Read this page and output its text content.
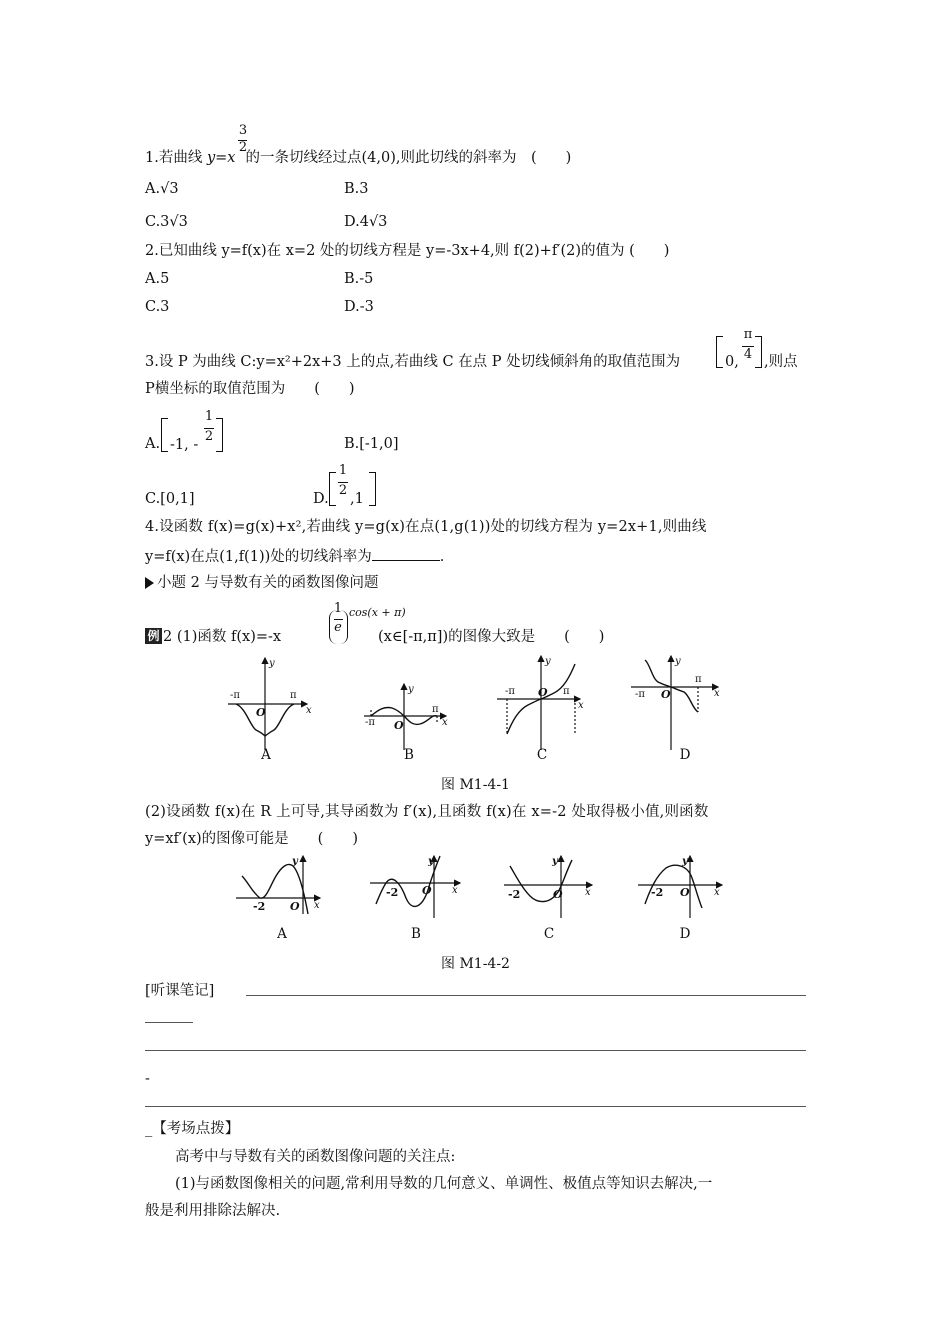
1.若曲线 y=x 的一条切线经过点(4,0),则此切线的斜率为　(　　)
3
2
A.√3	B.3
C.3√3	D.4√3
2.已知曲线 y=f(x)在 x=2 处的切线方程是 y=-3x+4,则 f(2)+f′(2)的值为 (　　)
A.5	B.-5
C.3	D.-3
3.设 P 为曲线 C:y=x²+2x+3 上的点,若曲线 C 在点 P 处切线倾斜角的取值范围为	0,
π
4 ,则点
P横坐标的取值范围为　　(　　)
A. -1, -
1
2	B.[-1,0]
C.[0,1]	D.
1
2
,1
4.设函数 f(x)=g(x)+x²,若曲线 y=g(x)在点(1,g(1))处的切线方程为 y=2x+1,则曲线
y=f(x)在点(1,f(1))处的切线斜率为	.
小题 2 与导数有关的函数图像问题
例 2 (1)函数 f(x)=-x
1
e
cos(x + π)
(x∈[-π,π])的图像大致是　　(　　)
-π	π
O
y
x
-π
π
O
y
x
-π	π
O
y
x
-π
π
O
y
x
A	B	C	D
图 M1-4-1
(2)设函数 f(x)在 R 上可导,其导函数为 f′(x),且函数 f(x)在 x=-2 处取得极小值,则函数
y=xf′(x)的图像可能是　　(　　)
-2 O
y
x
-2 O
y
x	-2	O
y
x	-2 O
y
x
A	B	C	D
图 M1-4-2
[听课笔记]
-
_【考场点拨】
高考中与导数有关的函数图像问题的关注点:
(1)与函数图像相关的问题,常利用导数的几何意义、单调性、极值点等知识去解决,一
般是利用排除法解决.
